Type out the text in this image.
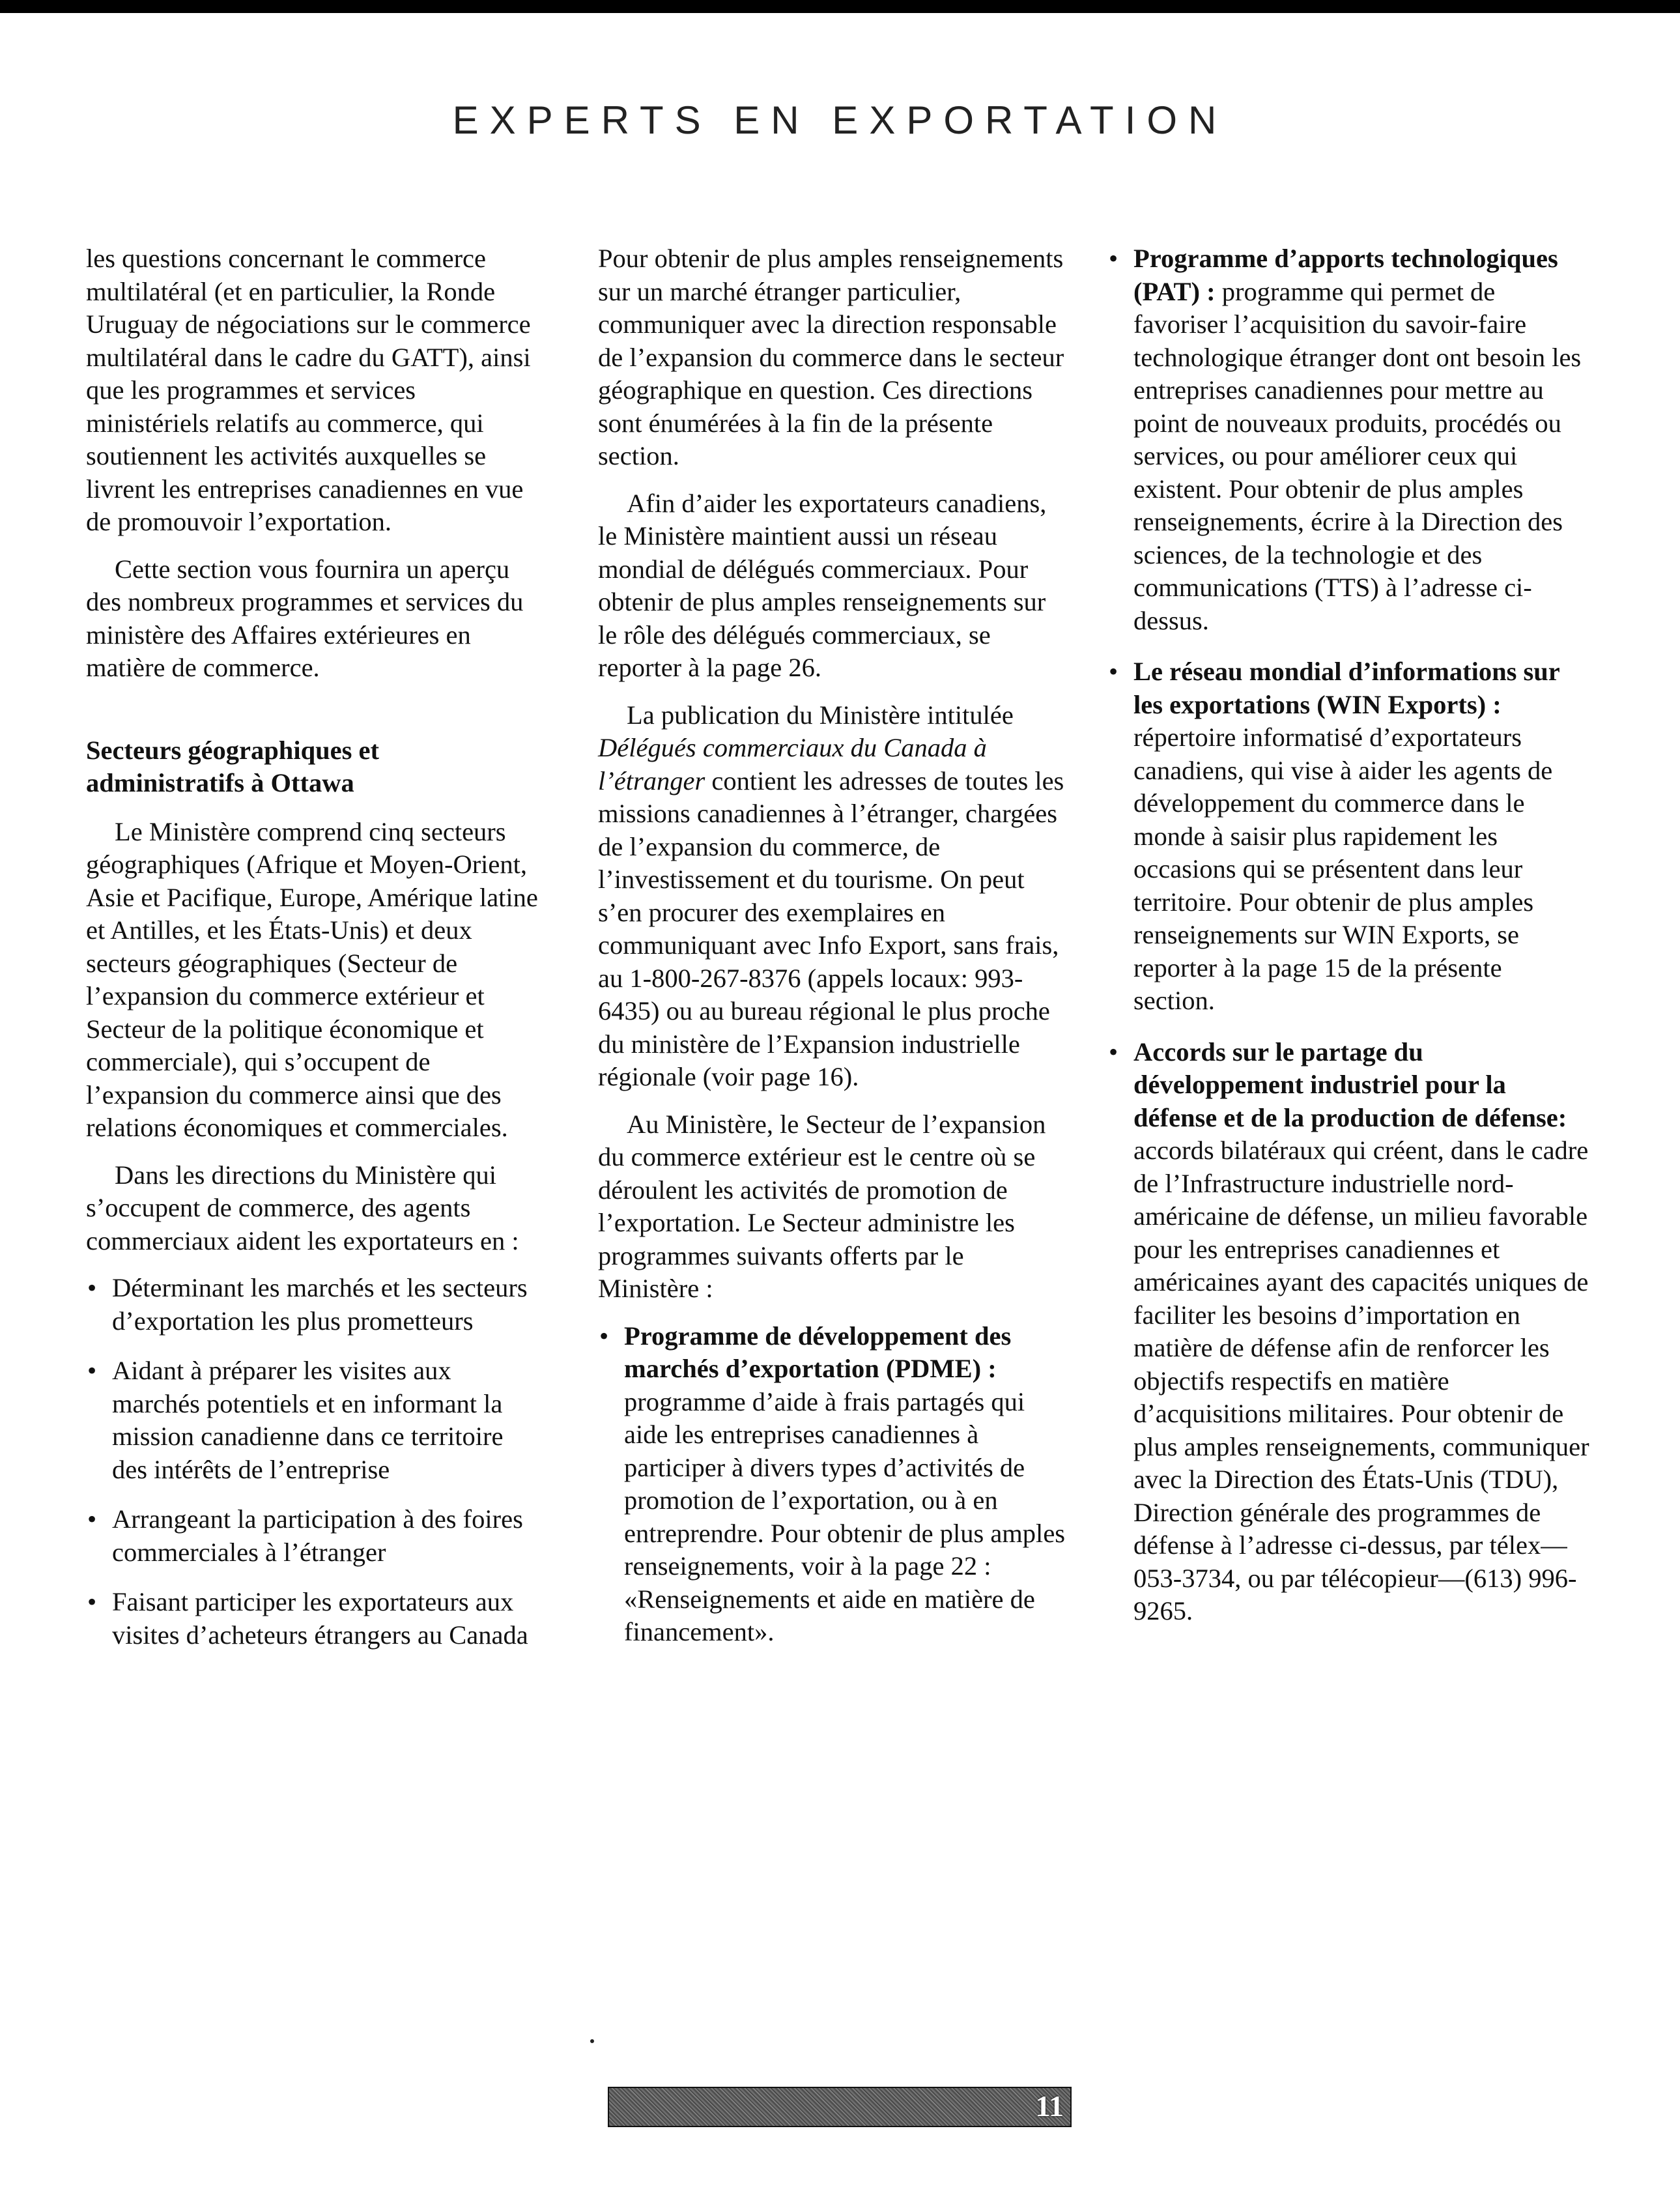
EXPERTS EN EXPORTATION

les questions concernant le commerce multilatéral (et en particulier, la Ronde Uruguay de négociations sur le commerce multilatéral dans le cadre du GATT), ainsi que les programmes et services ministériels relatifs au commerce, qui soutiennent les activités auxquelles se livrent les entreprises canadiennes en vue de promouvoir l’exportation.

Cette section vous fournira un aperçu des nombreux programmes et services du ministère des Affaires extérieures en matière de commerce.

Secteurs géographiques et administratifs à Ottawa

Le Ministère comprend cinq secteurs géographiques (Afrique et Moyen-Orient, Asie et Pacifique, Europe, Amérique latine et Antilles, et les États-Unis) et deux secteurs géographiques (Secteur de l’expansion du commerce extérieur et Secteur de la politique économique et commerciale), qui s’occupent de l’expansion du commerce ainsi que des relations économiques et commerciales.

Dans les directions du Ministère qui s’occupent de commerce, des agents commerciaux aident les exportateurs en :

• Déterminant les marchés et les secteurs d’exportation les plus prometteurs
• Aidant à préparer les visites aux marchés potentiels et en informant la mission canadienne dans ce territoire des intérêts de l’entreprise
• Arrangeant la participation à des foires commerciales à l’étranger
• Faisant participer les exportateurs aux visites d’acheteurs étrangers au Canada

Pour obtenir de plus amples renseignements sur un marché étranger particulier, communiquer avec la direction responsable de l’expansion du commerce dans le secteur géographique en question. Ces directions sont énumérées à la fin de la présente section.

Afin d’aider les exportateurs canadiens, le Ministère maintient aussi un réseau mondial de délégués commerciaux. Pour obtenir de plus amples renseignements sur le rôle des délégués commerciaux, se reporter à la page 26.

La publication du Ministère intitulée Délégués commerciaux du Canada à l’étranger contient les adresses de toutes les missions canadiennes à l’étranger, chargées de l’expansion du commerce, de l’investissement et du tourisme. On peut s’en procurer des exemplaires en communiquant avec Info Export, sans frais, au 1-800-267-8376 (appels locaux: 993-6435) ou au bureau régional le plus proche du ministère de l’Expansion industrielle régionale (voir page 16).

Au Ministère, le Secteur de l’expansion du commerce extérieur est le centre où se déroulent les activités de promotion de l’exportation. Le Secteur administre les programmes suivants offerts par le Ministère :

• Programme de développement des marchés d’exportation (PDME) : programme d’aide à frais partagés qui aide les entreprises canadiennes à participer à divers types d’activités de promotion de l’exportation, ou à en entreprendre. Pour obtenir de plus amples renseignements, voir à la page 22 : «Renseignements et aide en matière de financement».
• Programme d’apports technologiques (PAT) : programme qui permet de favoriser l’acquisition du savoir-faire technologique étranger dont ont besoin les entreprises canadiennes pour mettre au point de nouveaux produits, procédés ou services, ou pour améliorer ceux qui existent. Pour obtenir de plus amples renseignements, écrire à la Direction des sciences, de la technologie et des communications (TTS) à l’adresse ci-dessus.
• Le réseau mondial d’informations sur les exportations (WIN Exports) : répertoire informatisé d’exportateurs canadiens, qui vise à aider les agents de développement du commerce dans le monde à saisir plus rapidement les occasions qui se présentent dans leur territoire. Pour obtenir de plus amples renseignements sur WIN Exports, se reporter à la page 15 de la présente section.
• Accords sur le partage du développement industriel pour la défense et de la production de défense: accords bilatéraux qui créent, dans le cadre de l’Infrastructure industrielle nord-américaine de défense, un milieu favorable pour les entreprises canadiennes et américaines ayant des capacités uniques de faciliter les besoins d’importation en matière de défense afin de renforcer les objectifs respectifs en matière d’acquisitions militaires. Pour obtenir de plus amples renseignements, communiquer avec la Direction des États-Unis (TDU), Direction générale des programmes de défense à l’adresse ci-dessus, par télex—053-3734, ou par télécopieur—(613) 996-9265.
11
